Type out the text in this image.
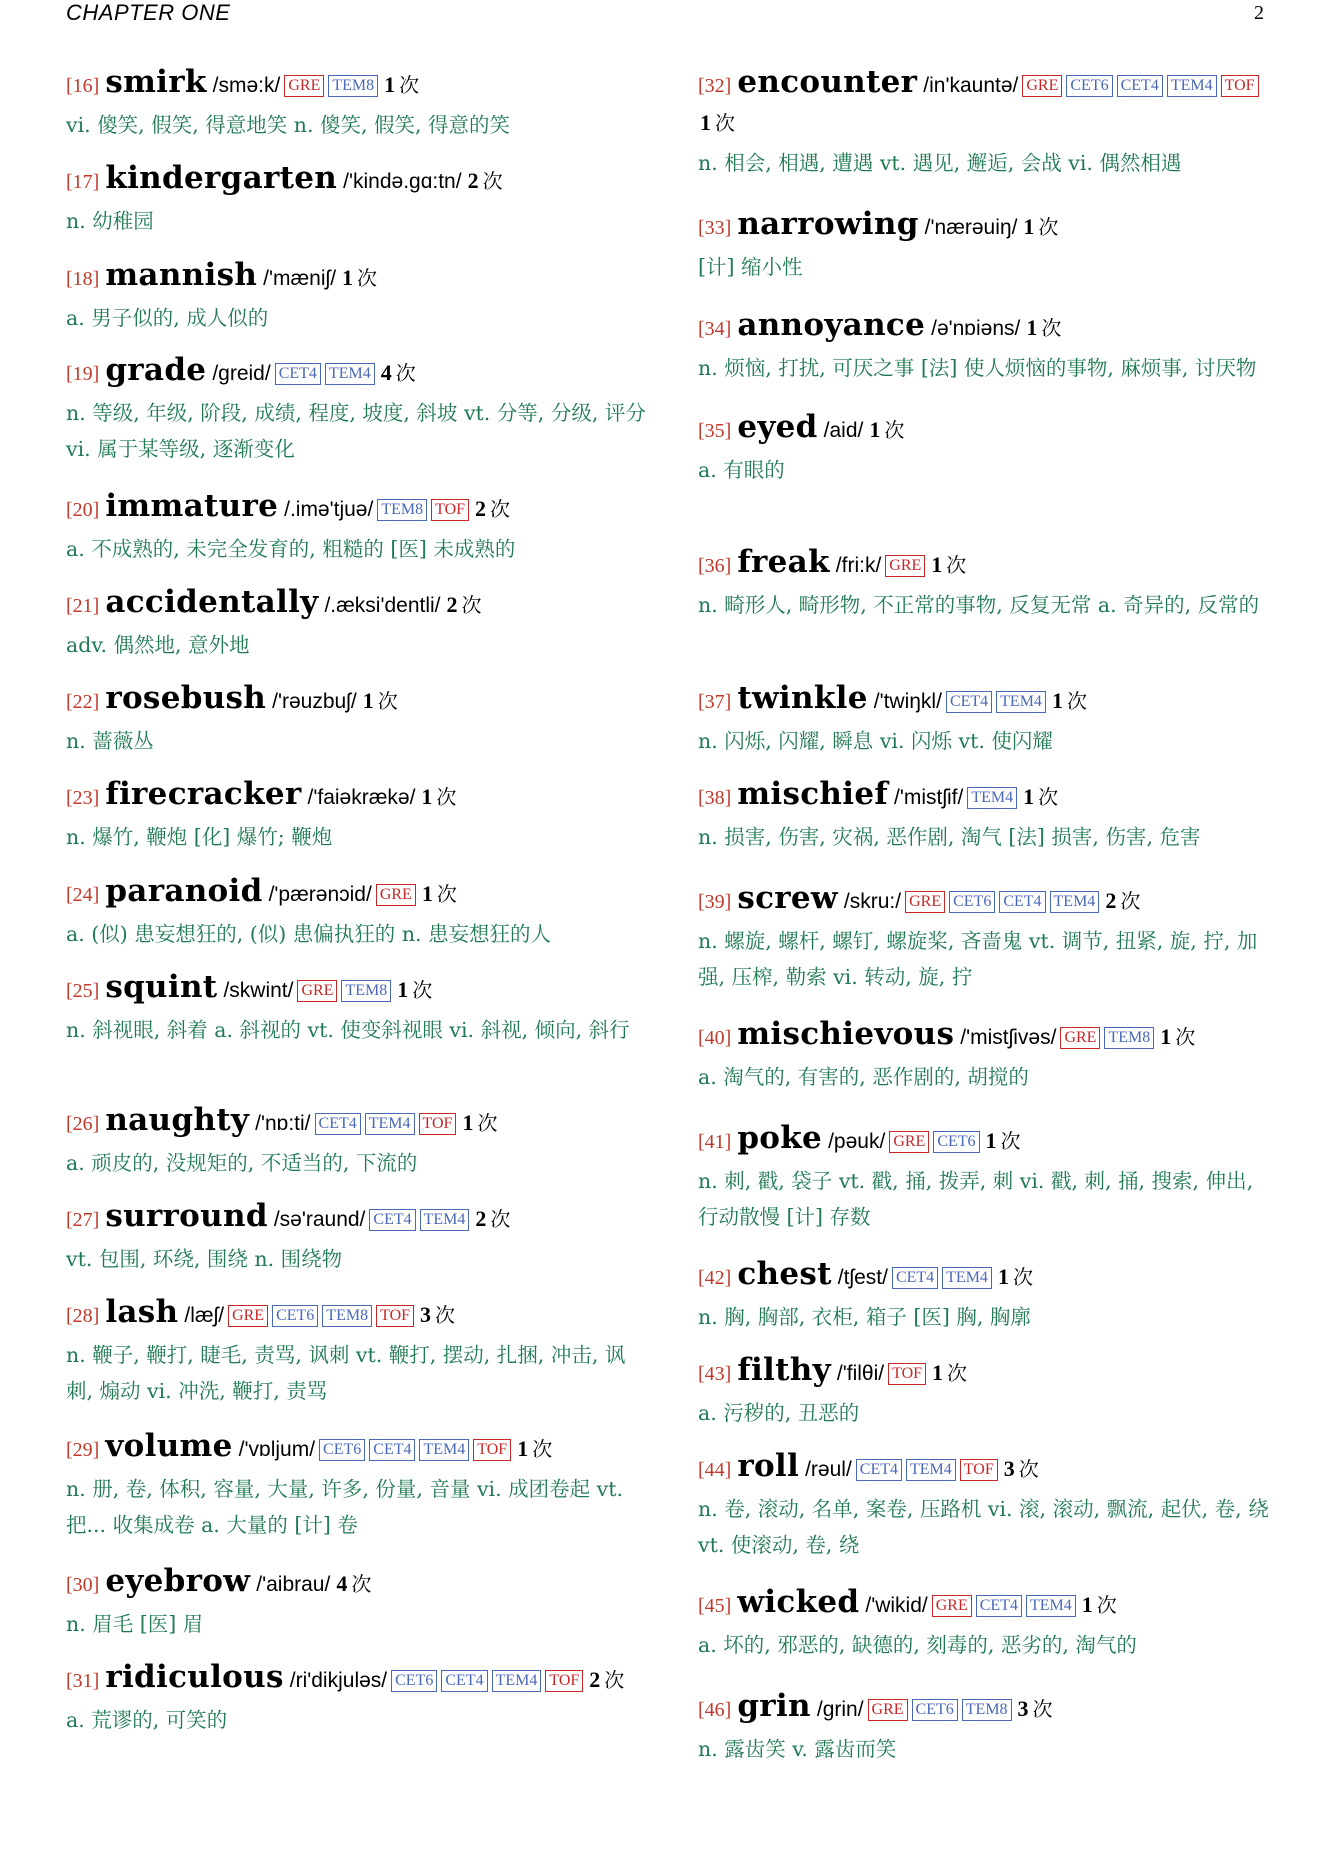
CHAPTER ONE	2
[16] smirk /smə:k/ GRE TEM8 1 次
vi. 傻笑, 假笑, 得意地笑 n. 傻笑, 假笑, 得意的笑
[17] kindergarten /'kində.gɑ:tn/ 2 次
n. 幼稚园
[18] mannish /'mæniʃ/ 1 次
a. 男子似的, 成人似的
[19] grade /greid/ CET4 TEM4 4 次
n. 等级, 年级, 阶段, 成绩, 程度, 坡度, 斜坡 vt. 分等, 分级, 评分 vi. 属于某等级, 逐渐变化
[20] immature /.imə'tjuə/ TEM8 TOF 2 次
a. 不成熟的, 未完全发育的, 粗糙的 [医] 未成熟的
[21] accidentally /.æksi'dentli/ 2 次
adv. 偶然地, 意外地
[22] rosebush /'rəuzbuʃ/ 1 次
n. 蔷薇丛
[23] firecracker /'faiəkrækə/ 1 次
n. 爆竹, 鞭炮 [化] 爆竹; 鞭炮
[24] paranoid /'pærənɔid/ GRE 1 次
a. (似) 患妄想狂的, (似) 患偏执狂的 n. 患妄想狂的人
[25] squint /skwint/ GRE TEM8 1 次
n. 斜视眼, 斜着 a. 斜视的 vt. 使变斜视眼 vi. 斜视, 倾向, 斜行
[26] naughty /'nɒ:ti/ CET4 TEM4 TOF 1 次
a. 顽皮的, 没规矩的, 不适当的, 下流的
[27] surround /sə'raund/ CET4 TEM4 2 次
vt. 包围, 环绕, 围绕 n. 围绕物
[28] lash /læʃ/ GRE CET6 TEM8 TOF 3 次
n. 鞭子, 鞭打, 睫毛, 责骂, 讽刺 vt. 鞭打, 摆动, 扎捆, 冲击, 讽刺, 煽动 vi. 冲洗, 鞭打, 责骂
[29] volume /'vɒljum/ CET6 CET4 TEM4 TOF 1 次
n. 册, 卷, 体积, 容量, 大量, 许多, 份量, 音量 vi. 成团卷起 vt. 把... 收集成卷 a. 大量的 [计] 卷
[30] eyebrow /'aibrau/ 4 次
n. 眉毛 [医] 眉
[31] ridiculous /ri'dikjuləs/ CET6 CET4 TEM4 TOF 2 次
a. 荒谬的, 可笑的
[32] encounter /in'kauntə/ GRE CET6 CET4 TEM4 TOF1 次
n. 相会, 相遇, 遭遇 vt. 遇见, 邂逅, 会战 vi. 偶然相遇
[33] narrowing /'nærəuiŋ/ 1 次
[计] 缩小性
[34] annoyance /ə'nɒiəns/ 1 次
n. 烦恼, 打扰, 可厌之事 [法] 使人烦恼的事物, 麻烦事, 讨厌物
[35] eyed /aid/ 1 次
a. 有眼的
[36] freak /fri:k/ GRE 1 次
n. 畸形人, 畸形物, 不正常的事物, 反复无常 a. 奇异的, 反常的
[37] twinkle /'twiŋkl/ CET4 TEM4 1 次
n. 闪烁, 闪耀, 瞬息 vi. 闪烁 vt. 使闪耀
[38] mischief /'mistʃif/ TEM4 1 次
n. 损害, 伤害, 灾祸, 恶作剧, 淘气 [法] 损害, 伤害, 危害
[39] screw /skru:/ GRE CET6 CET4 TEM4 2 次
n. 螺旋, 螺杆, 螺钉, 螺旋桨, 吝啬鬼 vt. 调节, 扭紧, 旋, 拧, 加强, 压榨, 勒索 vi. 转动, 旋, 拧
[40] mischievous /'mistʃivəs/ GRE TEM8 1 次
a. 淘气的, 有害的, 恶作剧的, 胡搅的
[41] poke /pəuk/ GRE CET6 1 次
n. 刺, 戳, 袋子 vt. 戳, 捅, 拨弄, 刺 vi. 戳, 刺, 捅, 搜索, 伸出, 行动散慢 [计] 存数
[42] chest /tʃest/ CET4 TEM4 1 次
n. 胸, 胸部, 衣柜, 箱子 [医] 胸, 胸廓
[43] filthy /'filθi/ TOF 1 次
a. 污秽的, 丑恶的
[44] roll /rəul/ CET4 TEM4 TOF 3 次
n. 卷, 滚动, 名单, 案卷, 压路机 vi. 滚, 滚动, 飘流, 起伏, 卷, 绕 vt. 使滚动, 卷, 绕
[45] wicked /'wikid/ GRE CET4 TEM4 1 次
a. 坏的, 邪恶的, 缺德的, 刻毒的, 恶劣的, 淘气的
[46] grin /grin/ GRE CET6 TEM8 3 次
n. 露齿笑 v. 露齿而笑
